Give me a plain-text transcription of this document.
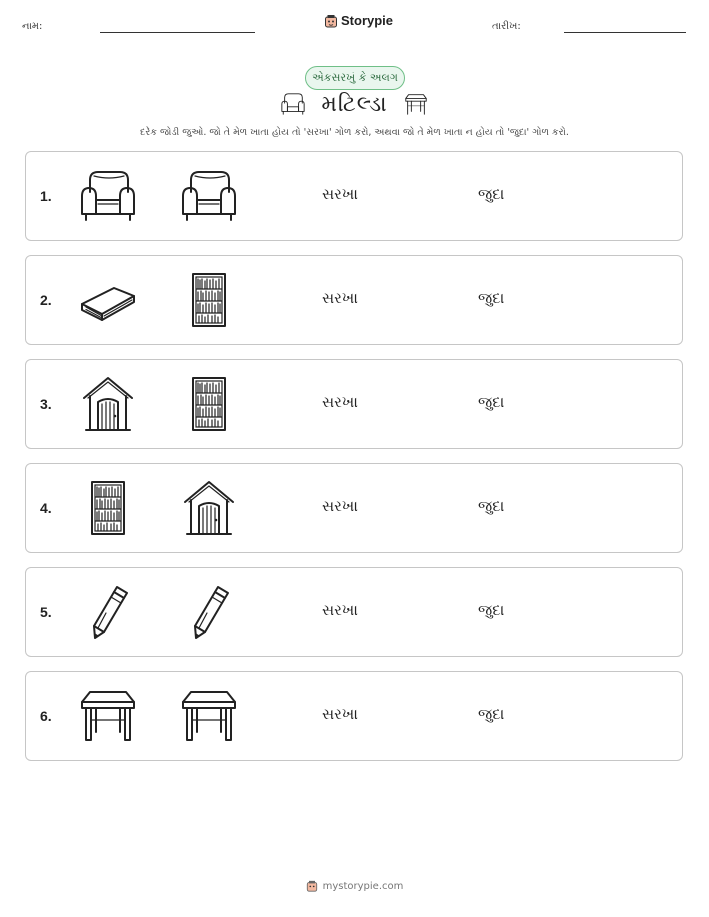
નામ:	Storypie	તારીખ:
એકસરખું કે અલગ
મટિલ્ડા
દરેક જોડી જુઓ. જો તે મેળ ખાતા હોય તો 'સરખા' ગોળ કરો, અથવા જો તે મેળ ખાતા ન હોય તો 'જુદા' ગોળ કરો.
1.	સરખા	જુદા
2.	સરખા	જુદા
3.	સરખા	જુદા
4.	સરખા	જુદા
5.	સરખા	જુદા
6.	સરખા	જુદા
mystorypie.com
